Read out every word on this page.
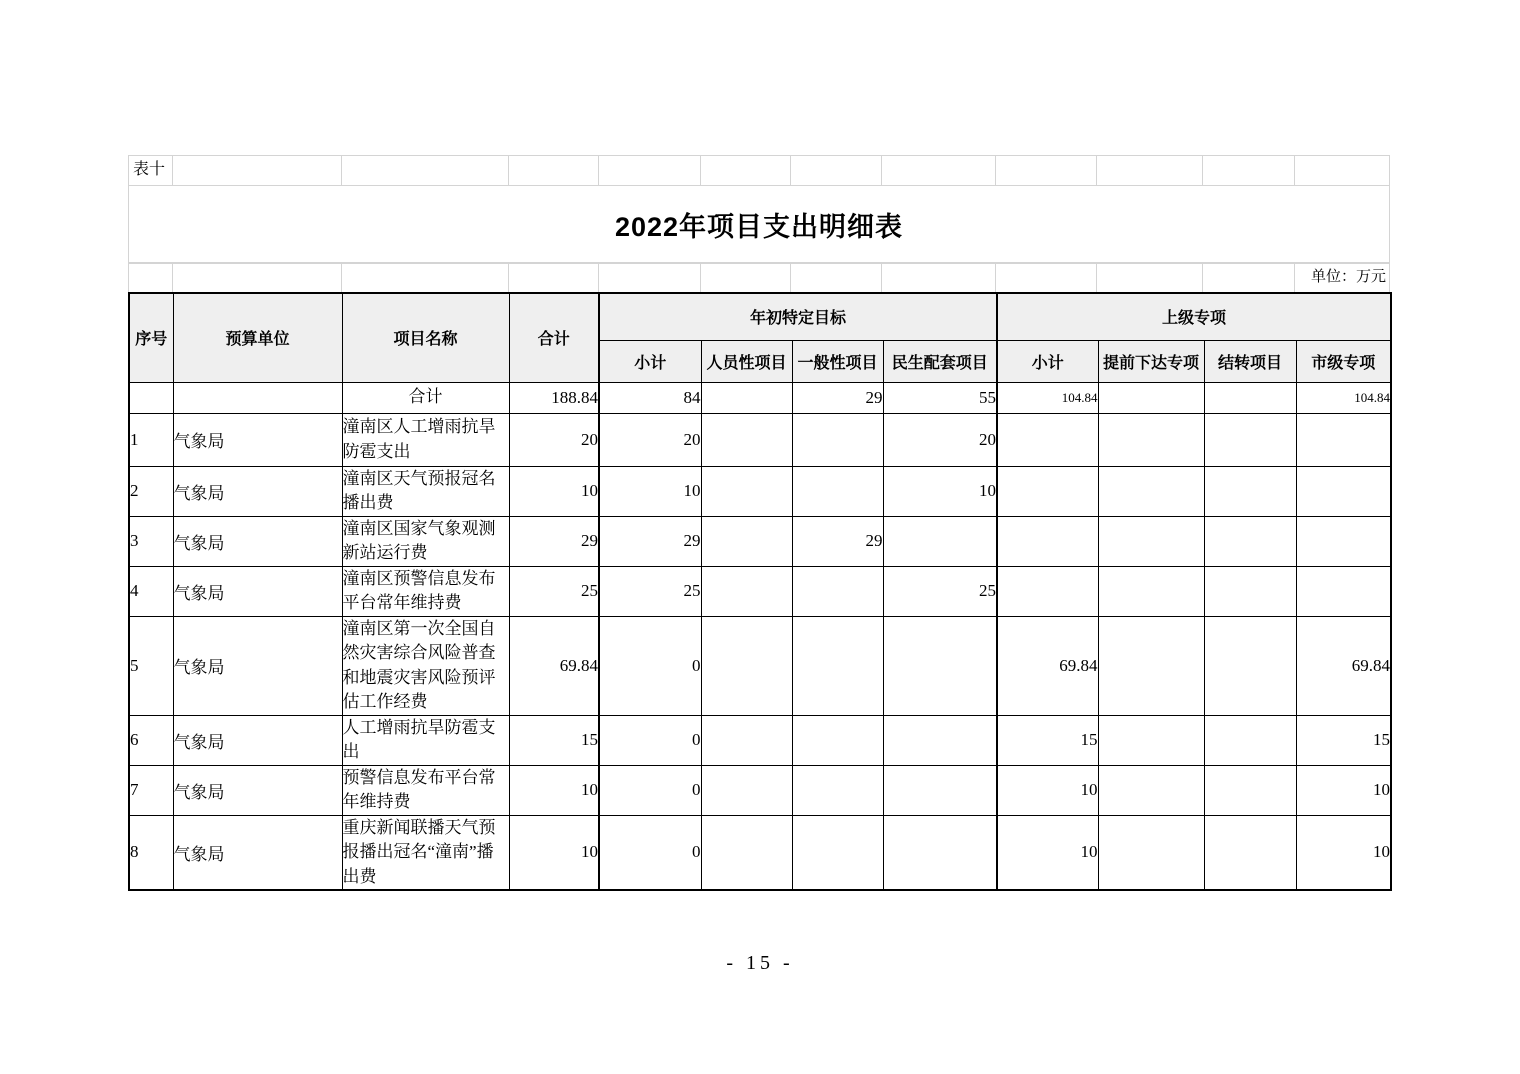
表十
2022年项目支出明细表
单位：万元
序号	预算单位	项目名称	合计	年初特定目标				上级专项			
				小计	人员性项目	一般性项目	民生配套项目	小计	提前下达专项	结转项目	市级专项
		合计	188.84	84		29	55	104.84			104.84
1	气象局	潼南区人工增雨抗旱防雹支出	20	20			20				
2	气象局	潼南区天气预报冠名播出费	10	10			10				
3	气象局	潼南区国家气象观测新站运行费	29	29		29					
4	气象局	潼南区预警信息发布平台常年维持费	25	25			25				
5	气象局	潼南区第一次全国自然灾害综合风险普查和地震灾害风险预评估工作经费	69.84	0				69.84			69.84
6	气象局	人工增雨抗旱防雹支出	15	0				15			15
7	气象局	预警信息发布平台常年维持费	10	0				10			10
8	气象局	重庆新闻联播天气预报播出冠名“潼南”播出费	10	0				10			10
- 15 -
